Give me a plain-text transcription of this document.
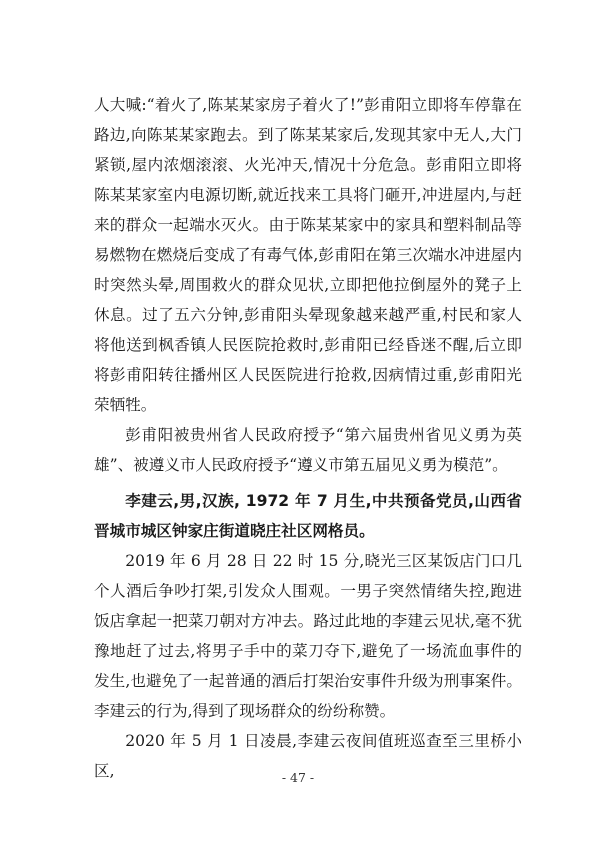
人大喊:“着火了,陈某某家房子着火了!”彭甫阳立即将车停靠在路边,向陈某某家跑去。到了陈某某家后,发现其家中无人,大门紧锁,屋内浓烟滚滚、火光冲天,情况十分危急。彭甫阳立即将陈某某家室内电源切断,就近找来工具将门砸开,冲进屋内,与赶来的群众一起端水灭火。由于陈某某家中的家具和塑料制品等易燃物在燃烧后变成了有毒气体,彭甫阳在第三次端水冲进屋内时突然头晕,周围救火的群众见状,立即把他拉倒屋外的凳子上休息。过了五六分钟,彭甫阳头晕现象越来越严重,村民和家人将他送到枫香镇人民医院抢救时,彭甫阳已经昏迷不醒,后立即将彭甫阳转往播州区人民医院进行抢救,因病情过重,彭甫阳光荣牺牲。

彭甫阳被贵州省人民政府授予“第六届贵州省见义勇为英雄”、被遵义市人民政府授予“遵义市第五届见义勇为模范”。

李建云,男,汉族, 1972 年 7 月生,中共预备党员,山西省晋城市城区钟家庄街道晓庄社区网格员。

2019 年 6 月 28 日 22 时 15 分,晓光三区某饭店门口几个人酒后争吵打架,引发众人围观。一男子突然情绪失控,跑进饭店拿起一把菜刀朝对方冲去。路过此地的李建云见状,毫不犹豫地赶了过去,将男子手中的菜刀夺下,避免了一场流血事件的发生,也避免了一起普通的酒后打架治安事件升级为刑事案件。李建云的行为,得到了现场群众的纷纷称赞。

2020 年 5 月 1 日凌晨,李建云夜间值班巡查至三里桥小区,	- 47 -
